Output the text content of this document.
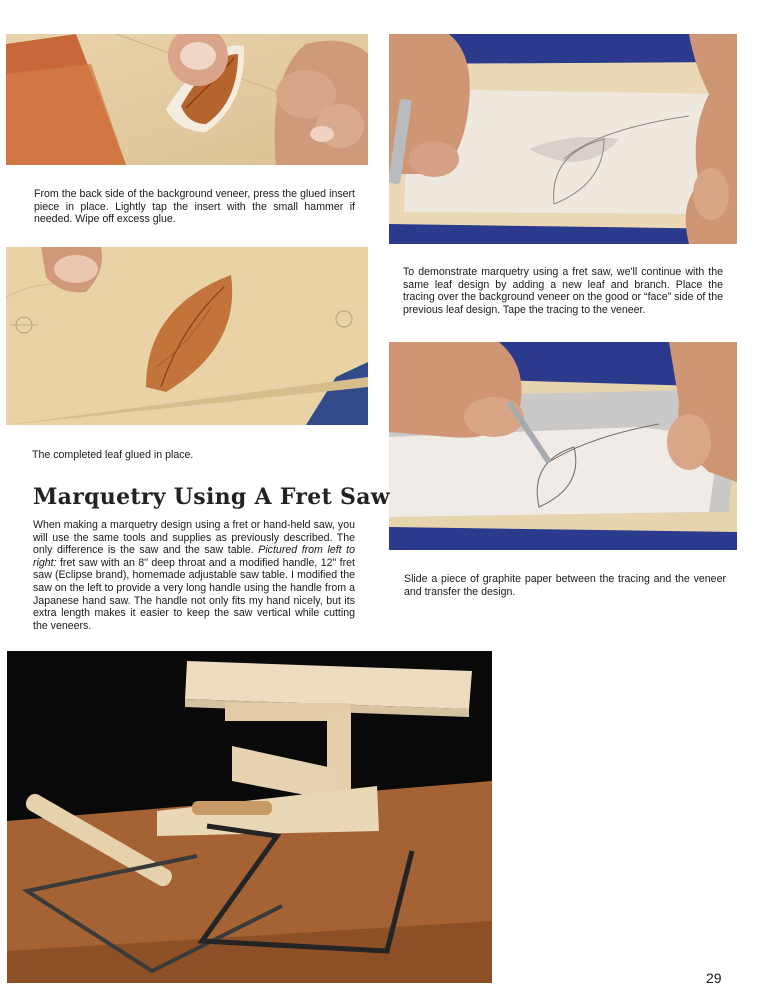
From the back side of the background veneer, press the glued insert piece in place. Lightly tap the insert with the small hammer if needed. Wipe off excess glue.

To demonstrate marquetry using a fret saw, we'll continue with the same leaf design by adding a new leaf and branch. Place the tracing over the background veneer on the good or “face” side of the previous leaf design. Tape the tracing to the veneer.

The completed leaf glued in place.

Marquetry Using A Fret Saw

When making a marquetry design using a fret or hand-held saw, you will use the same tools and supplies as previously described. The only difference is the saw and the saw table. Pictured from left to right: fret saw with an 8" deep throat and a modified handle, 12" fret saw (Eclipse brand), homemade adjustable saw table. I modified the saw on the left to provide a very long handle using the handle from a Japanese hand saw. The handle not only fits my hand nicely, but its extra length makes it easier to keep the saw vertical while cutting the veneers.

Slide a piece of graphite paper between the tracing and the veneer and transfer the design.

29
